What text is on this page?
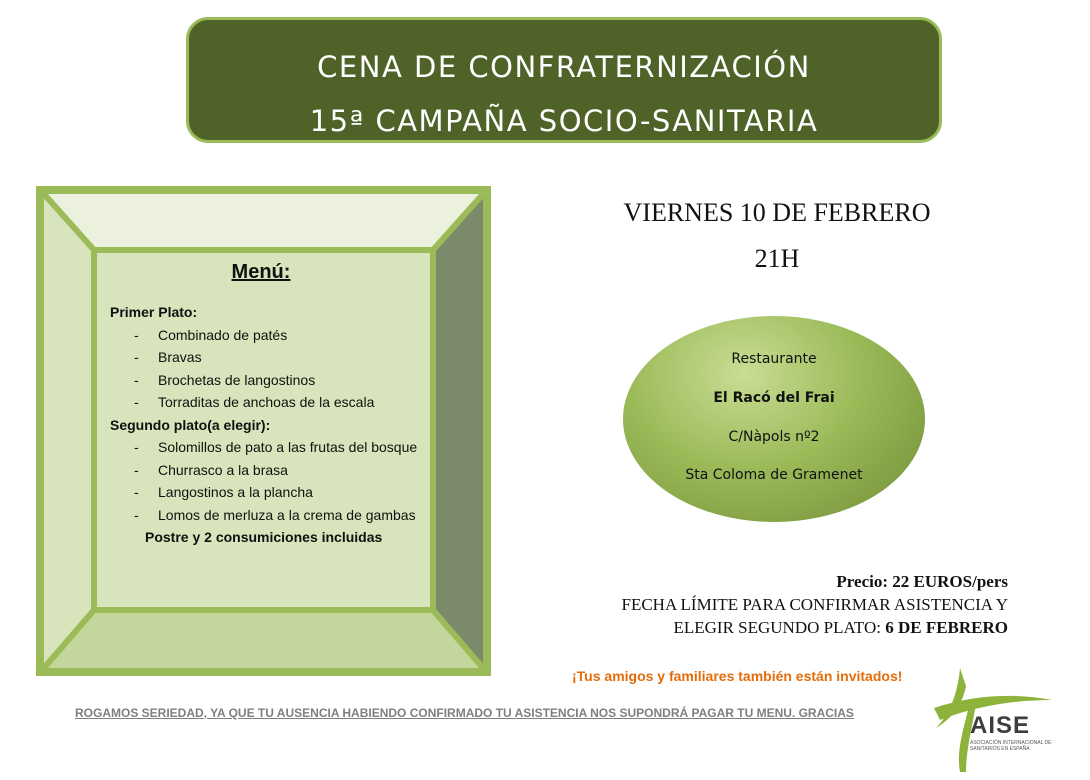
CENA DE CONFRATERNIZACIÓN
15ª CAMPAÑA SOCIO-SANITARIA
Menú:

Primer Plato:

- Combinado de patés
- Bravas
- Brochetas de langostinos
- Torraditas de anchoas de la escala

Segundo plato(a elegir):

- Solomillos de pato a las frutas del bosque
- Churrasco a la brasa
- Langostinos a la plancha
- Lomos de merluza a la crema de gambas
Postre y 2 consumiciones incluidas
VIERNES 10 DE FEBRERO
21H
Restaurante
El Racó del Frai
C/Nàpols nº2
Sta Coloma de Gramenet
Precio: 22 EUROS/pers
FECHA LÍMITE PARA CONFIRMAR ASISTENCIA Y
ELEGIR SEGUNDO PLATO: 6 DE FEBRERO
¡Tus amigos y familiares también están invitados!
ROGAMOS SERIEDAD, YA QUE TU AUSENCIA HABIENDO CONFIRMADO TU ASISTENCIA NOS SUPONDRÁ PAGAR TU MENU. GRACIAS	AISE
ASOCIACIÓN INTERNACIONAL DE SANITARIOS EN ESPAÑA
